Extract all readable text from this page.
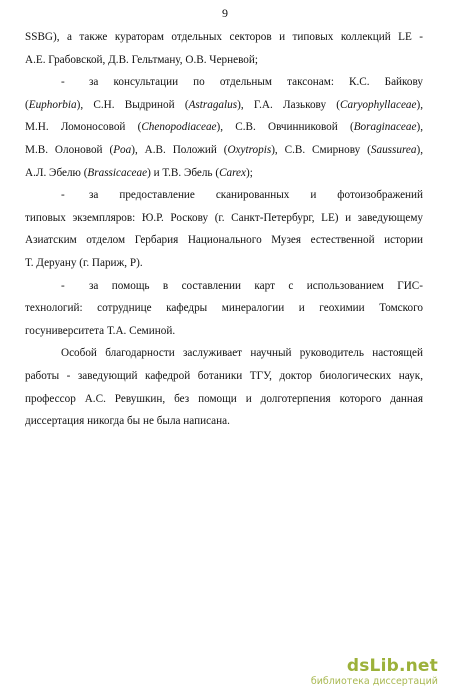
9
SSBG), а также кураторам отдельных секторов и типовых коллекций LE -
А.Е. Грабовской, Д.В. Гельтману, О.В. Черневой;
- за консультации по отдельным таксонам: К.С. Байкову
(Euphorbia), С.Н. Выдриной (Astragalus), Г.А. Лазькову (Caryophyllaceae),
М.Н. Ломоносовой (Chenopodiaceae), С.В. Овчинниковой (Boraginaceae),
М.В. Олоновой (Poa), А.В. Положий (Oxytropis), С.В. Смирнову (Saussurea),
А.Л. Эбелю (Brassicaceae) и Т.В. Эбель (Carex);
- за предоставление сканированных и фотоизображений
типовых экземпляров: Ю.Р. Роскову (г. Санкт-Петербург, LE) и заведующему
Азиатским отделом Гербария Национального Музея естественной истории
Т. Деруану (г. Париж, P).
- за помощь в составлении карт с использованием ГИС-
технологий: сотруднице кафедры минералогии и геохимии Томского
госуниверситета Т.А. Семиной.
Особой благодарности заслуживает научный руководитель настоящей
работы - заведующий кафедрой ботаники ТГУ, доктор биологических наук,
профессор А.С. Ревушкин, без помощи и долготерпения которого данная
диссертация никогда бы не была написана.
dsLib.net
библиотека диссертаций
